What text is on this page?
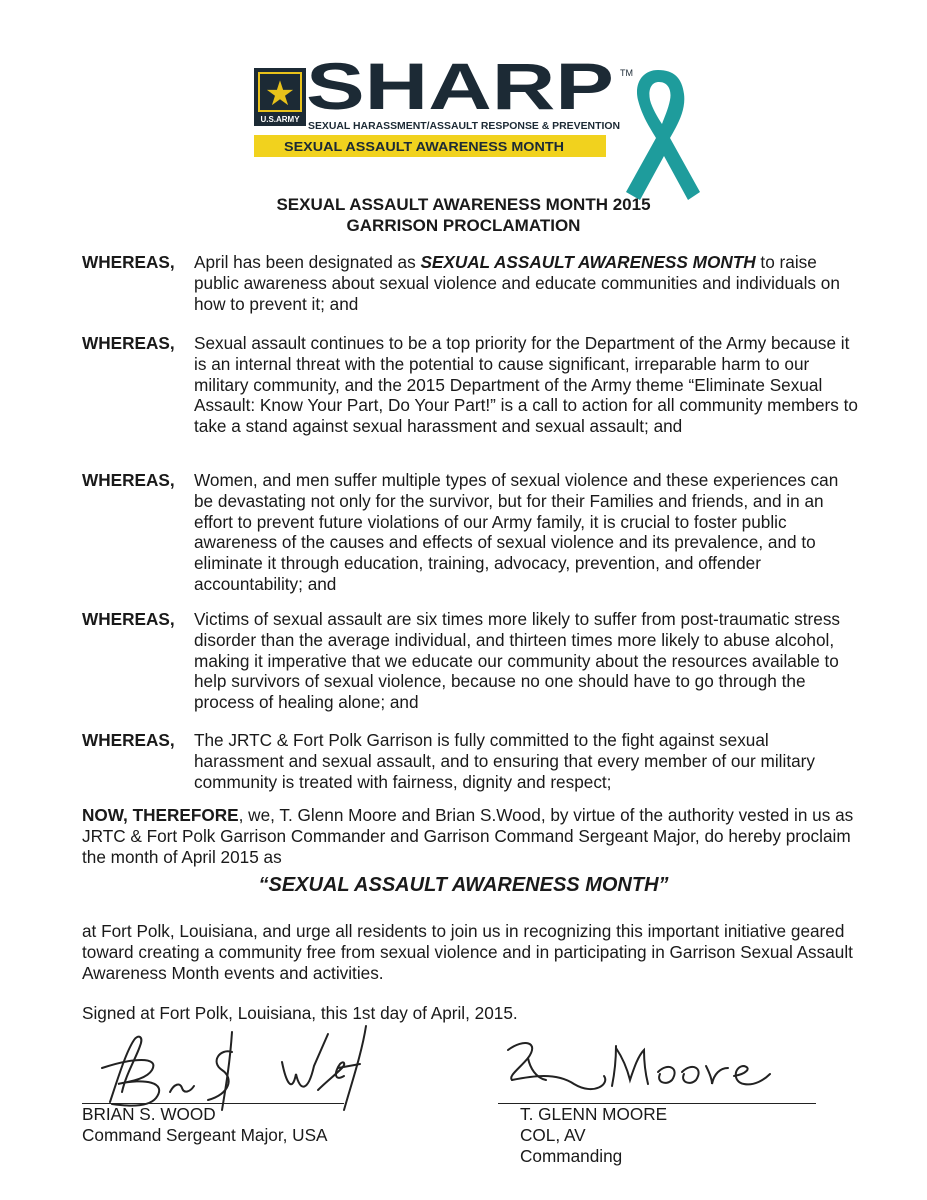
★
U.S.ARMY SHARP TM
SEXUAL HARASSMENT/ASSAULT RESPONSE & PREVENTION
SEXUAL ASSAULT AWARENESS MONTH
SEXUAL ASSAULT AWARENESS MONTH 2015
GARRISON PROCLAMATION
WHEREAS, April has been designated as SEXUAL ASSAULT AWARENESS MONTH to raise public awareness about sexual violence and educate communities and individuals on how to prevent it; and
WHEREAS, Sexual assault continues to be a top priority for the Department of the Army because it is an internal threat with the potential to cause significant, irreparable harm to our military community, and the 2015 Department of the Army theme “Eliminate Sexual Assault: Know Your Part, Do Your Part!” is a call to action for all community members to take a stand against sexual harassment and sexual assault; and
WHEREAS, Women, and men suffer multiple types of sexual violence and these experiences can be devastating not only for the survivor, but for their Families and friends, and in an effort to prevent future violations of our Army family, it is crucial to foster public awareness of the causes and effects of sexual violence and its prevalence, and to eliminate it through education, training, advocacy, prevention, and offender accountability; and
WHEREAS, Victims of sexual assault are six times more likely to suffer from post-traumatic stress disorder than the average individual, and thirteen times more likely to abuse alcohol, making it imperative that we educate our community about the resources available to help survivors of sexual violence, because no one should have to go through the process of healing alone; and
WHEREAS, The JRTC & Fort Polk Garrison is fully committed to the fight against sexual harassment and sexual assault, and to ensuring that every member of our military community is treated with fairness, dignity and respect;
NOW, THEREFORE, we, T. Glenn Moore and Brian S.Wood, by virtue of the authority vested in us as JRTC & Fort Polk Garrison Commander and Garrison Command Sergeant Major, do hereby proclaim the month of April 2015 as
“SEXUAL ASSAULT AWARENESS MONTH”
at Fort Polk, Louisiana, and urge all residents to join us in recognizing this important initiative geared toward creating a community free from sexual violence and in participating in Garrison Sexual Assault Awareness Month events and activities.
Signed at Fort Polk, Louisiana, this 1st day of April, 2015.
BRIAN S. WOOD
Command Sergeant Major, USA
T. GLENN MOORE
COL, AV
Commanding
